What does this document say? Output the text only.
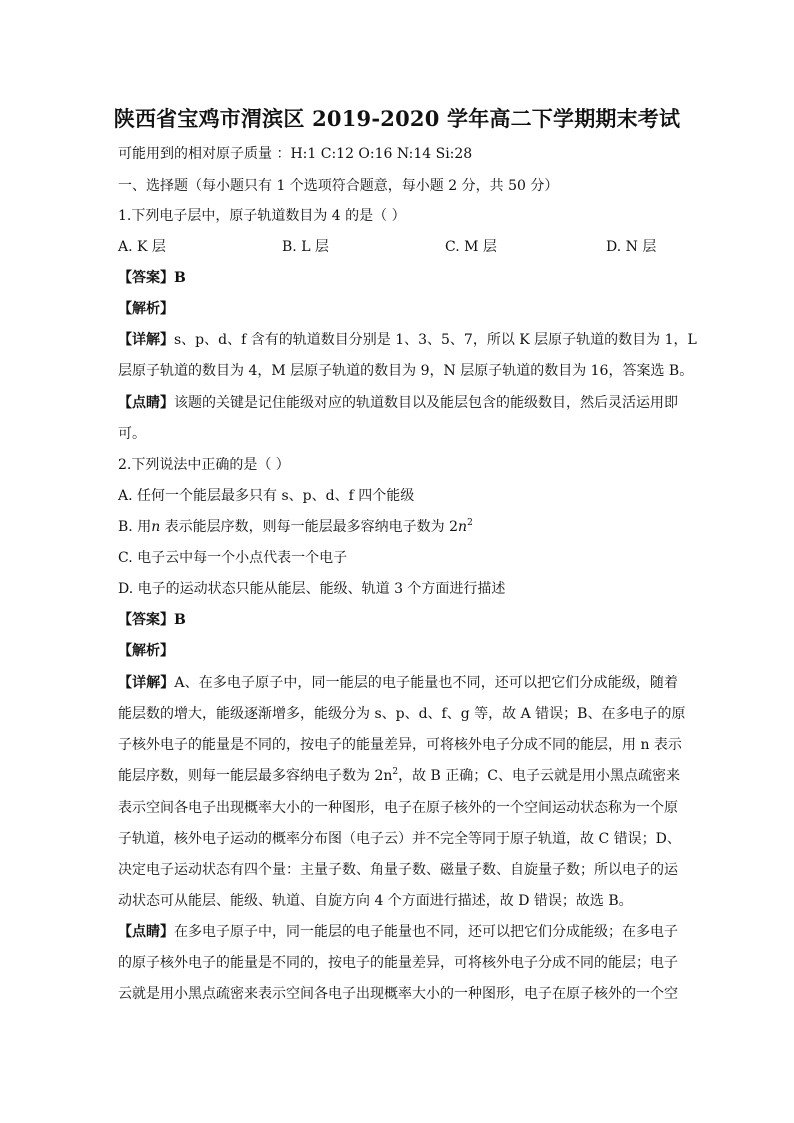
陕西省宝鸡市渭滨区 2019-2020 学年高二下学期期末考试
可能用到的相对原子质量 ：H:1 C:12 O:16 N:14 Si:28
一、选择题（每小题只有 1 个选项符合题意，每小题 2 分，共 50 分）
1.下列电子层中，原子轨道数目为 4 的是（ ）
A. K 层	B. L 层	C. M 层	D. N 层
【答案】B
【解析】
【详解】s、p、d、f 含有的轨道数目分别是 1、3、5、7，所以 K 层原子轨道的数目为 1，L
层原子轨道的数目为 4，M 层原子轨道的数目为 9，N 层原子轨道的数目为 16，答案选 B。
【点睛】该题的关键是记住能级对应的轨道数目以及能层包含的能级数目，然后灵活运用即
可。
2.下列说法中正确的是（ ）
A. 任何一个能层最多只有 s、p、d、f 四个能级
B. 用n 表示能层序数，则每一能层最多容纳电子数为 $2n^2$
C. 电子云中每一个小点代表一个电子
D. 电子的运动状态只能从能层、能级、轨道 3 个方面进行描述
【答案】B
【解析】
【详解】A、在多电子原子中，同一能层的电子能量也不同，还可以把它们分成能级，随着
能层数的增大，能级逐渐增多，能级分为 s、p、d、f、g 等，故 A 错误；B、在多电子的原
子核外电子的能量是不同的，按电子的能量差异，可将核外电子分成不同的能层，用 n 表示
能层序数，则每一能层最多容纳电子数为 $2n^2$，故 B 正确；C、电子云就是用小黑点疏密来
表示空间各电子出现概率大小的一种图形，电子在原子核外的一个空间运动状态称为一个原
子轨道，核外电子运动的概率分布图（电子云）并不完全等同于原子轨道，故 C 错误；D、
决定电子运动状态有四个量：主量子数、角量子数、磁量子数、自旋量子数；所以电子的运
动状态可从能层、能级、轨道、自旋方向 4 个方面进行描述，故 D 错误；故选 B。
【点睛】在多电子原子中，同一能层的电子能量也不同，还可以把它们分成能级；在多电子
的原子核外电子的能量是不同的，按电子的能量差异，可将核外电子分成不同的能层；电子
云就是用小黑点疏密来表示空间各电子出现概率大小的一种图形，电子在原子核外的一个空
